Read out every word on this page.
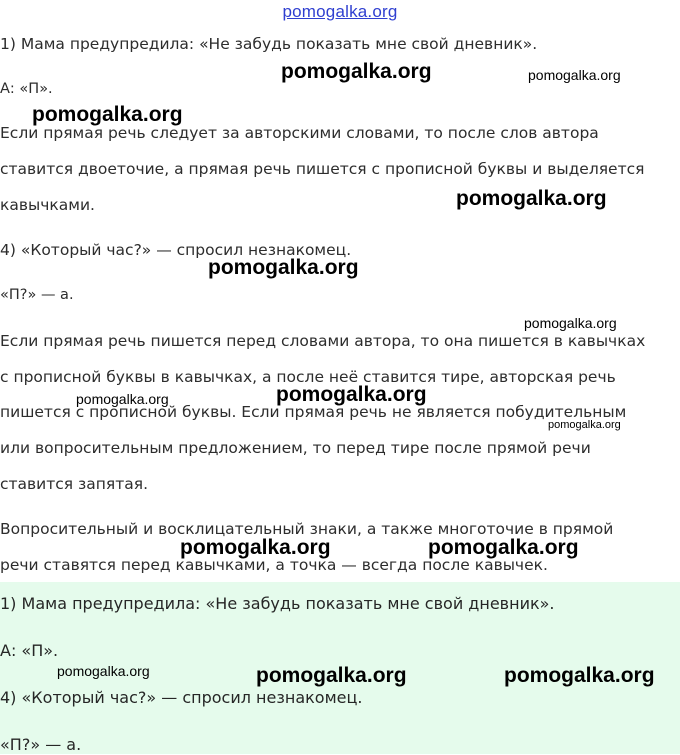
pomogalka.org
1) Мама предупредила: «Не забудь показать мне свой дневник».
А: «П».
Если прямая речь следует за авторскими словами, то после слов автора
ставится двоеточие, а прямая речь пишется с прописной буквы и выделяется
кавычками.
4) «Который час?» — спросил незнакомец.
«П?» — а.
Если прямая речь пишется перед словами автора, то она пишется в кавычках
с прописной буквы в кавычках, а после неё ставится тире, авторская речь
пишется с прописной буквы. Если прямая речь не является побудительным
или вопросительным предложением, то перед тире после прямой речи
ставится запятая.
Вопросительный и восклицательный знаки, а также многоточие в прямой
речи ставятся перед кавычками, а точка — всегда после кавычек.
1) Мама предупредила: «Не забудь показать мне свой дневник».
А: «П».
4) «Который час?» — спросил незнакомец.
«П?» — а.
pomogalka.org	pomogalka.org
pomogalka.org
pomogalka.org
pomogalka.org
pomogalka.org
pomogalka.org
pomogalka.org
pomogalka.org
pomogalka.org	pomogalka.org
pomogalka.org	pomogalka.org	pomogalka.org
